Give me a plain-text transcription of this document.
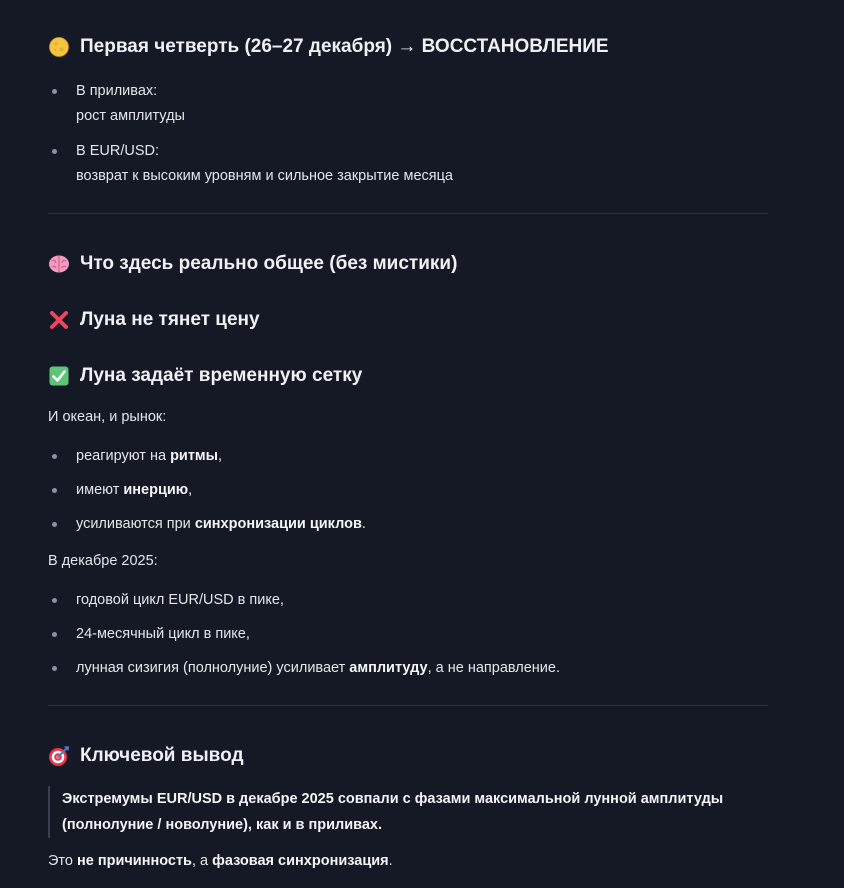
Первая четверть (26–27 декабря) → ВОССТАНОВЛЕНИЕ
В приливах:
рост амплитуды
В EUR/USD:
возврат к высоким уровням и сильное закрытие месяца
Что здесь реально общее (без мистики)
Луна не тянет цену
Луна задаёт временную сетку
И океан, и рынок:
реагируют на ритмы,
имеют инерцию,
усиливаются при синхронизации циклов.
В декабре 2025:
годовой цикл EUR/USD в пике,
24-месячный цикл в пике,
лунная сизигия (полнолуние) усиливает амплитуду, а не направление.
Ключевой вывод
Экстремумы EUR/USD в декабре 2025 совпали с фазами максимальной лунной амплитуды
(полнолуние / новолуние), как и в приливах.
Это не причинность, а фазовая синхронизация.
